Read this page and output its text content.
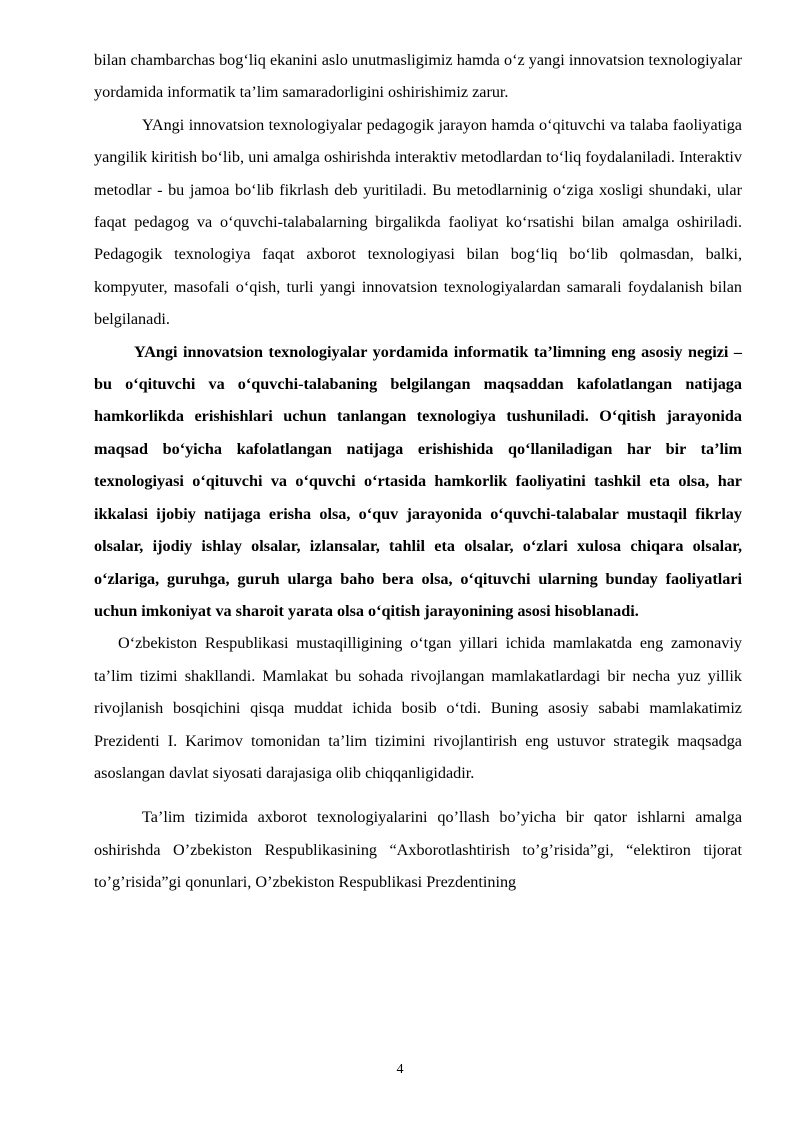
bilan chambarchas bog‘liq ekanini aslo unutmasligimiz hamda o‘z yangi innovatsion texnologiyalar yordamida informatik ta’lim samaradorligini oshirishimiz zarur.

YAngi innovatsion texnologiyalar pedagogik jarayon hamda o‘qituvchi va talaba faoliyatiga yangilik kiritish bo‘lib, uni amalga oshirishda interaktiv metodlardan to‘liq foydalaniladi. Interaktiv metodlar - bu jamoa bo‘lib fikrlash deb yuritiladi. Bu metodlarninig o‘ziga xosligi shundaki, ular faqat pedagog va o‘quvchi-talabalarning birgalikda faoliyat ko‘rsatishi bilan amalga oshiriladi. Pedagogik texnologiya faqat axborot texnologiyasi bilan bog‘liq bo‘lib qolmasdan, balki, kompyuter, masofali o‘qish, turli yangi innovatsion texnologiyalardan samarali foydalanish bilan belgilanadi.

YAngi innovatsion texnologiyalar yordamida informatik ta’limning eng asosiy negizi – bu o‘qituvchi va o‘quvchi-talabaning belgilangan maqsaddan kafolatlangan natijaga hamkorlikda erishishlari uchun tanlangan texnologiya tushuniladi. O‘qitish jarayonida maqsad bo‘yicha kafolatlangan natijaga erishishida qo‘llaniladigan har bir ta’lim texnologiyasi o‘qituvchi va o‘quvchi o‘rtasida hamkorlik faoliyatini tashkil eta olsa, har ikkalasi ijobiy natijaga erisha olsa, o‘quv jarayonida o‘quvchi-talabalar mustaqil fikrlay olsalar, ijodiy ishlay olsalar, izlansalar, tahlil eta olsalar, o‘zlari xulosa chiqara olsalar, o‘zlariga, guruhga, guruh ularga baho bera olsa, o‘qituvchi ularning bunday faoliyatlari uchun imkoniyat va sharoit yarata olsa o‘qitish jarayonining asosi hisoblanadi.

O‘zbekiston Respublikasi mustaqilligining o‘tgan yillari ichida mamlakatda eng zamonaviy ta’lim tizimi shakllandi. Mamlakat bu sohada rivojlangan mamlakatlardagi bir necha yuz yillik rivojlanish bosqichini qisqa muddat ichida bosib o‘tdi. Buning asosiy sababi mamlakatimiz Prezidenti I. Karimov tomonidan ta’lim tizimini rivojlantirish eng ustuvor strategik maqsadga asoslangan davlat siyosati darajasiga olib chiqqanligidadir.

Ta’lim tizimida axborot texnologiyalarini qo’llash bo’yicha bir qator ishlarni amalga oshirishda O’zbekiston Respublikasining “Axborotlashtirish to’g’risida”gi, “elektiron tijorat to’g’risida”gi qonunlari, O’zbekiston Respublikasi Prezdentining

4
